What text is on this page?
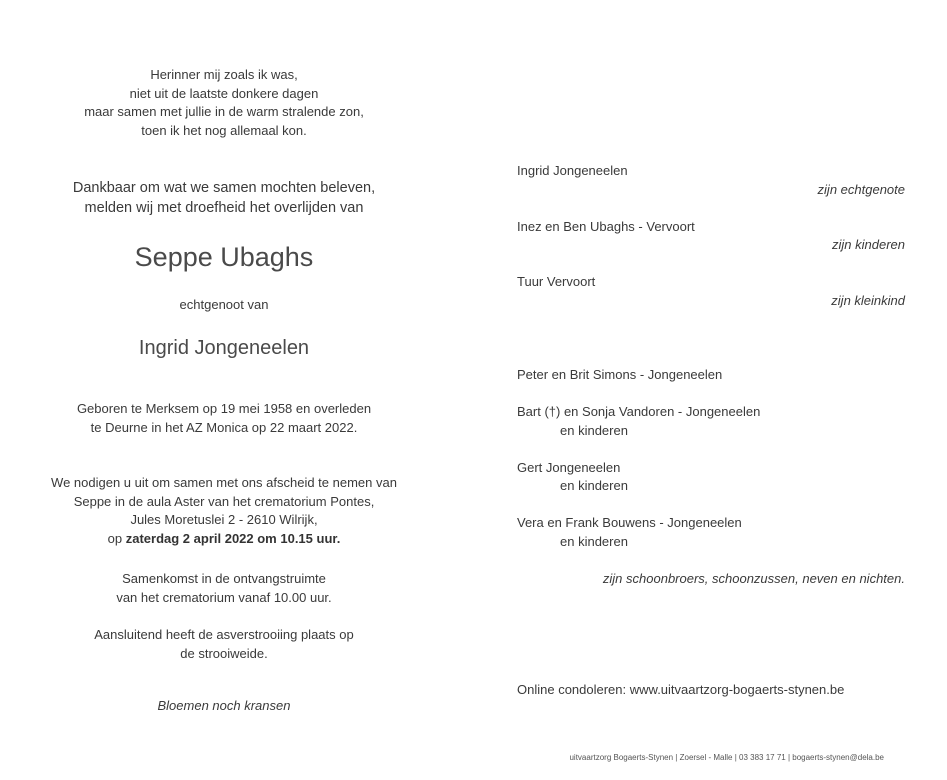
Herinner mij zoals ik was,
niet uit de laatste donkere dagen
maar samen met jullie in de warm stralende zon,
toen ik het nog allemaal kon.
Dankbaar om wat we samen mochten beleven,
melden wij met droefheid het overlijden van
Seppe Ubaghs
echtgenoot van
Ingrid Jongeneelen
Geboren te Merksem op 19 mei 1958 en overleden
te Deurne in het AZ Monica op 22 maart 2022.
We nodigen u uit om samen met ons afscheid te nemen van
Seppe in de aula Aster van het crematorium Pontes,
Jules Moretuslei 2 - 2610 Wilrijk,
op zaterdag 2 april 2022 om 10.15 uur.
Samenkomst in de ontvangstruimte
van het crematorium vanaf 10.00 uur.
Aansluitend heeft de asverstrooiing plaats op
de strooiweide.
Bloemen noch kransen
Ingrid Jongeneelen
zijn echtgenote
Inez en Ben Ubaghs - Vervoort
zijn kinderen
Tuur Vervoort
zijn kleinkind
Peter en Brit Simons - Jongeneelen
Bart (†) en Sonja Vandoren - Jongeneelen
en kinderen
Gert Jongeneelen
en kinderen
Vera en Frank Bouwens - Jongeneelen
en kinderen
zijn schoonbroers, schoonzussen, neven en nichten.
Online condoleren: www.uitvaartzorg-bogaerts-stynen.be
uitvaartzorg Bogaerts-Stynen | Zoersel - Malle | 03 383 17 71 | bogaerts-stynen@dela.be
